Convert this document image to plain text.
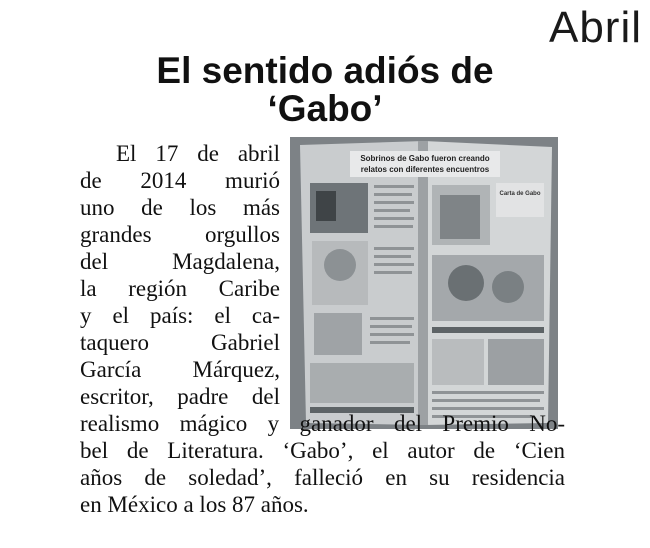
Abril
El sentido adiós de
‘Gabo’
Sobrinos de Gabo fueron creando
relatos con diferentes encuentros
Carta de Gabo
El 17 de abril
de 2014 murió
uno de los más
grandes orgullos
del Magdalena,
la región Caribe
y el país: el ca-
taquero Gabriel
García Márquez,
escritor, padre del
realismo mágico y ganador del Premio No-
bel de Literatura. ‘Gabo’, el autor de ‘Cien
años de soledad’, falleció en su residencia
en México a los 87 años.
